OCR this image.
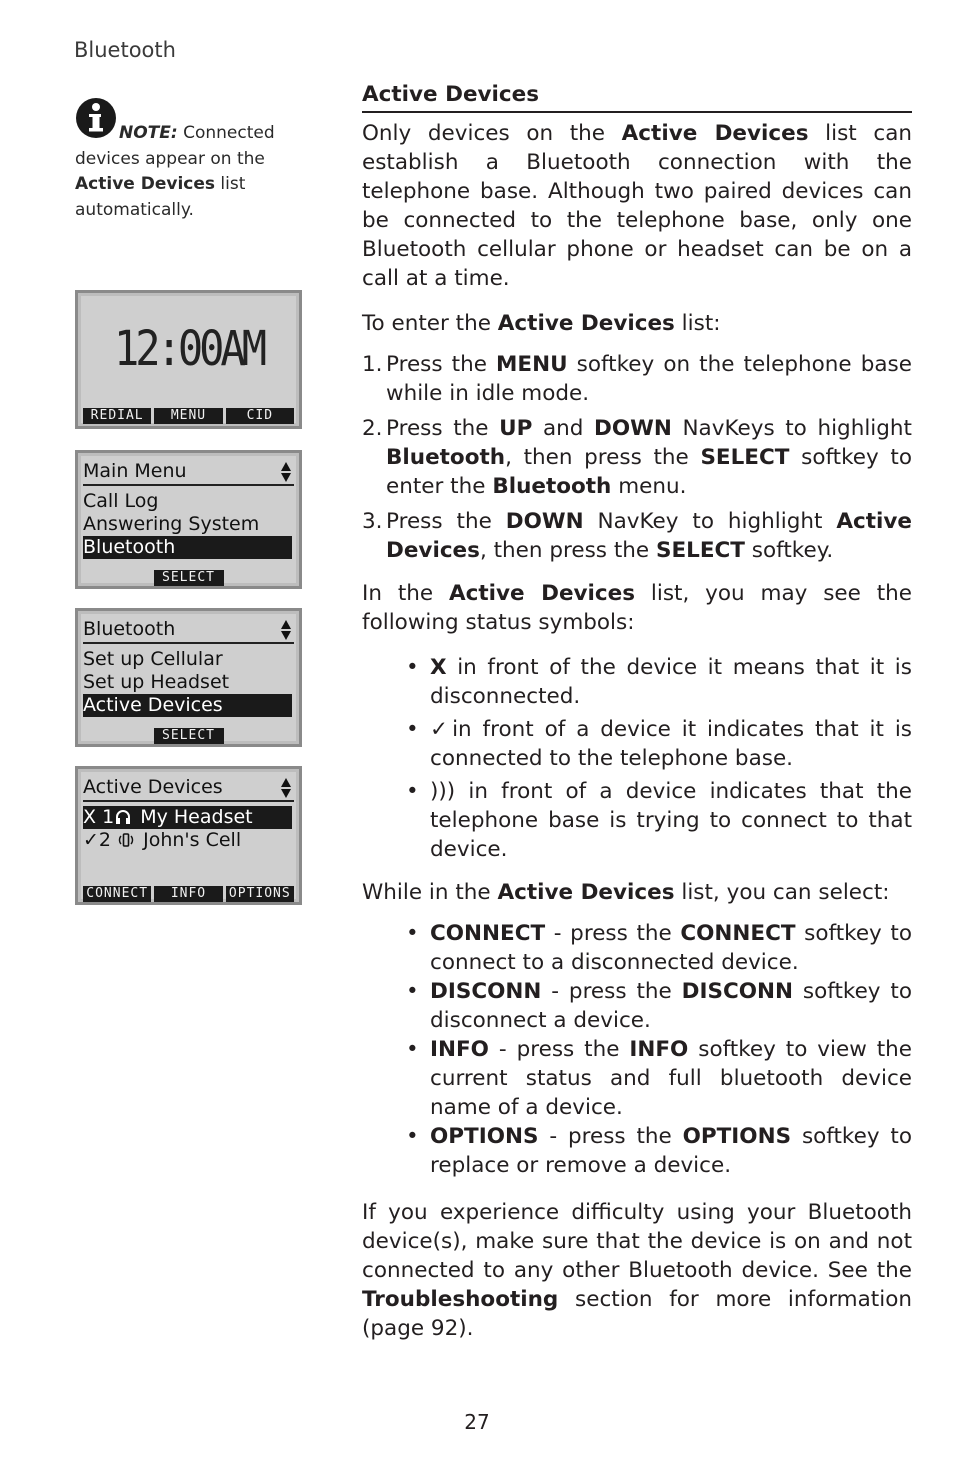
Bluetooth
NOTE: Connected devices appear on the Active Devices list automatically.
12:00AM
REDIAL	MENU	CID
Main Menu
Call Log
Answering System
Bluetooth
SELECT
Bluetooth
Set up Cellular
Set up Headset
Active Devices
SELECT
Active Devices
X 1 My Headset
✓2 John's Cell
CONNECT	INFO	OPTIONS
Active Devices
Only devices on the Active Devices list can establish a Bluetooth connection with the telephone base. Although two paired devices can be connected to the telephone base, only one Bluetooth cellular phone or headset can be on a call at a time.
To enter the Active Devices list:
1. Press the MENU softkey on the telephone base while in idle mode.
2. Press the UP and DOWN NavKeys to highlight Bluetooth, then press the SELECT softkey to enter the Bluetooth menu.
3. Press the DOWN NavKey to highlight Active Devices, then press the SELECT softkey.
In the Active Devices list, you may see the following status symbols:
• X in front of the device it means that it is disconnected.
• ✓in front of a device it indicates that it is connected to the telephone base.
• ))) in front of a device indicates that the telephone base is trying to connect to that device.
While in the Active Devices list, you can select:
• CONNECT - press the CONNECT softkey to connect to a disconnected device.
• DISCONN - press the DISCONN softkey to disconnect a device.
• INFO - press the INFO softkey to view the current status and full bluetooth device name of a device.
• OPTIONS - press the OPTIONS softkey to replace or remove a device.
If you experience difficulty using your Bluetooth device(s), make sure that the device is on and not connected to any other Bluetooth device. See the Troubleshooting section for more information (page 92).
27
